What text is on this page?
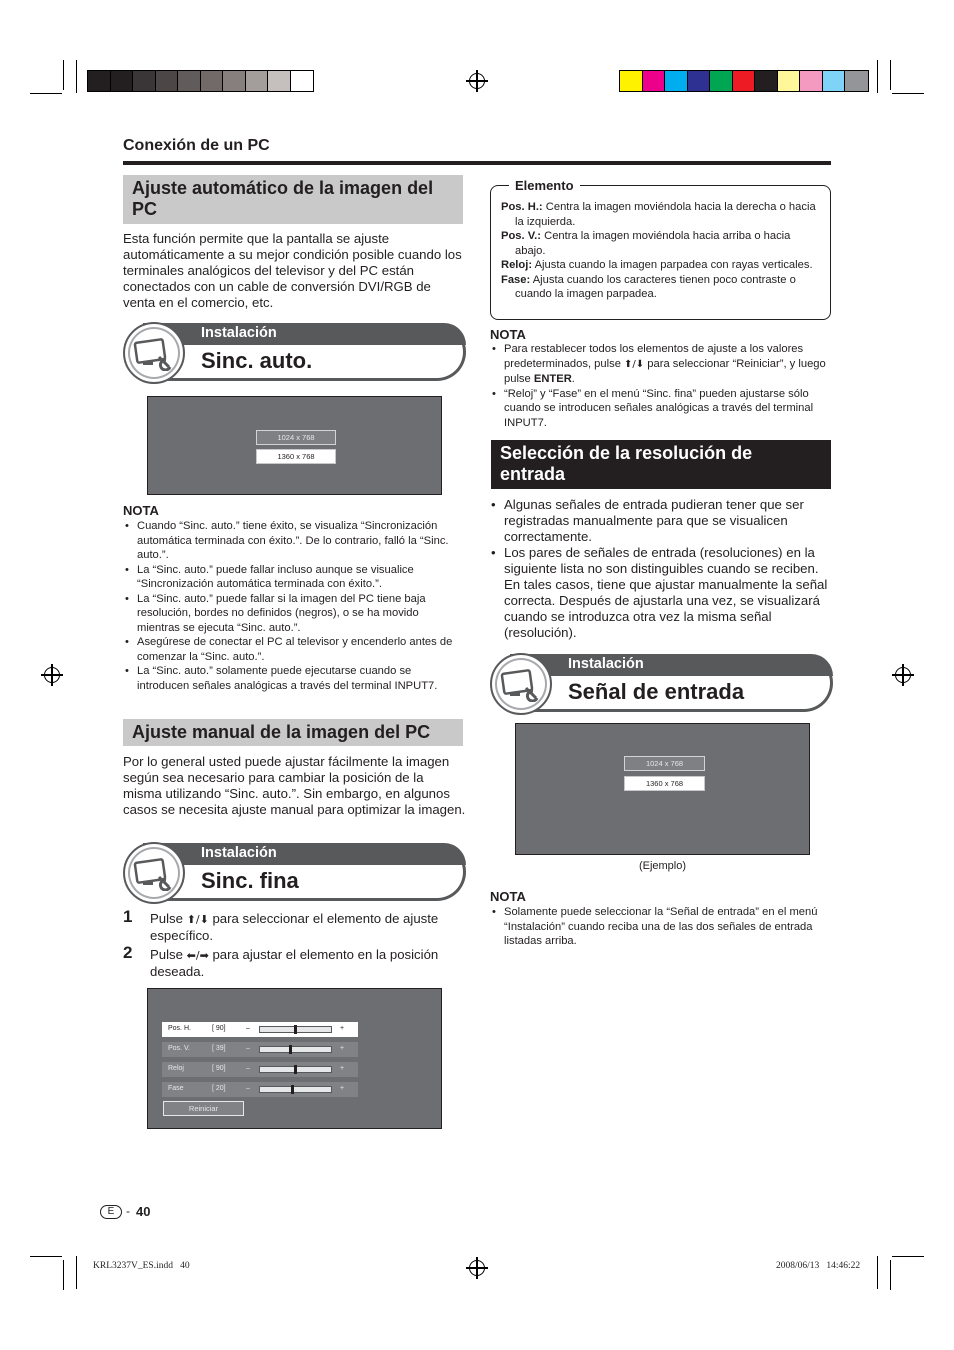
Conexión de un PC
Ajuste automático de la imagen del PC
Esta función permite que la pantalla se ajuste automáticamente a su mejor condición posible cuando los terminales analógicos del televisor y del PC están conectados con un cable de conversión DVI/RGB de venta en el comercio, etc.
Instalación
Sinc. auto.
1024 x 768
1360 x 768
NOTA
• Cuando “Sinc. auto.” tiene éxito, se visualiza “Sincronización automática terminada con éxito.”. De lo contrario, falló la “Sinc. auto.”.
• La “Sinc. auto.” puede fallar incluso aunque se visualice “Sincronización automática terminada con éxito.”.
• La “Sinc. auto.” puede fallar si la imagen del PC tiene baja resolución, bordes no definidos (negros), o se ha movido mientras se ejecuta “Sinc. auto.”.
• Asegúrese de conectar el PC al televisor y encenderlo antes de comenzar la “Sinc. auto.”.
• La “Sinc. auto.” solamente puede ejecutarse cuando se introducen señales analógicas a través del terminal INPUT7.
Ajuste manual de la imagen del PC
Por lo general usted puede ajustar fácilmente la imagen según sea necesario para cambiar la posición de la misma utilizando “Sinc. auto.”. Sin embargo, en algunos casos se necesita ajuste manual para optimizar la imagen.
Instalación
Sinc. fina
1	Pulse ⬆/⬇ para seleccionar el elemento de ajuste específico.
2	Pulse ⬅/➡ para ajustar el elemento en la posición deseada.
Reiniciar
Pos. H.	[ 90]	–	+
Pos. V.	[ 39]	–	+
Reloj	[ 90]	–	+
Fase	[ 20]	–	+
Elemento
Pos. H.: Centra la imagen moviéndola hacia la derecha o hacia la izquierda.
Pos. V.: Centra la imagen moviéndola hacia arriba o hacia abajo.
Reloj: Ajusta cuando la imagen parpadea con rayas verticales.
Fase: Ajusta cuando los caracteres tienen poco contraste o cuando la imagen parpadea.
NOTA
• Para restablecer todos los elementos de ajuste a los valores predeterminados, pulse ⬆/⬇ para seleccionar “Reiniciar”, y luego pulse ENTER.
• “Reloj” y “Fase” en el menú “Sinc. fina” pueden ajustarse sólo cuando se introducen señales analógicas a través del terminal INPUT7.
Selección de la resolución de entrada
• Algunas señales de entrada pudieran tener que ser registradas manualmente para que se visualicen correctamente.
• Los pares de señales de entrada (resoluciones) en la siguiente lista no son distinguibles cuando se reciben. En tales casos, tiene que ajustar manualmente la señal correcta. Después de ajustarla una vez, se visualizará cuando se introduzca otra vez la misma señal (resolución).
Instalación
Señal de entrada
1024 x 768
1360 x 768
(Ejemplo)
NOTA
• Solamente puede seleccionar la “Señal de entrada” en el menú “Instalación” cuando reciba una de las dos señales de entrada listadas arriba.
E - 40
KRL3237V_ES.indd   40	2008/06/13   14:46:22
